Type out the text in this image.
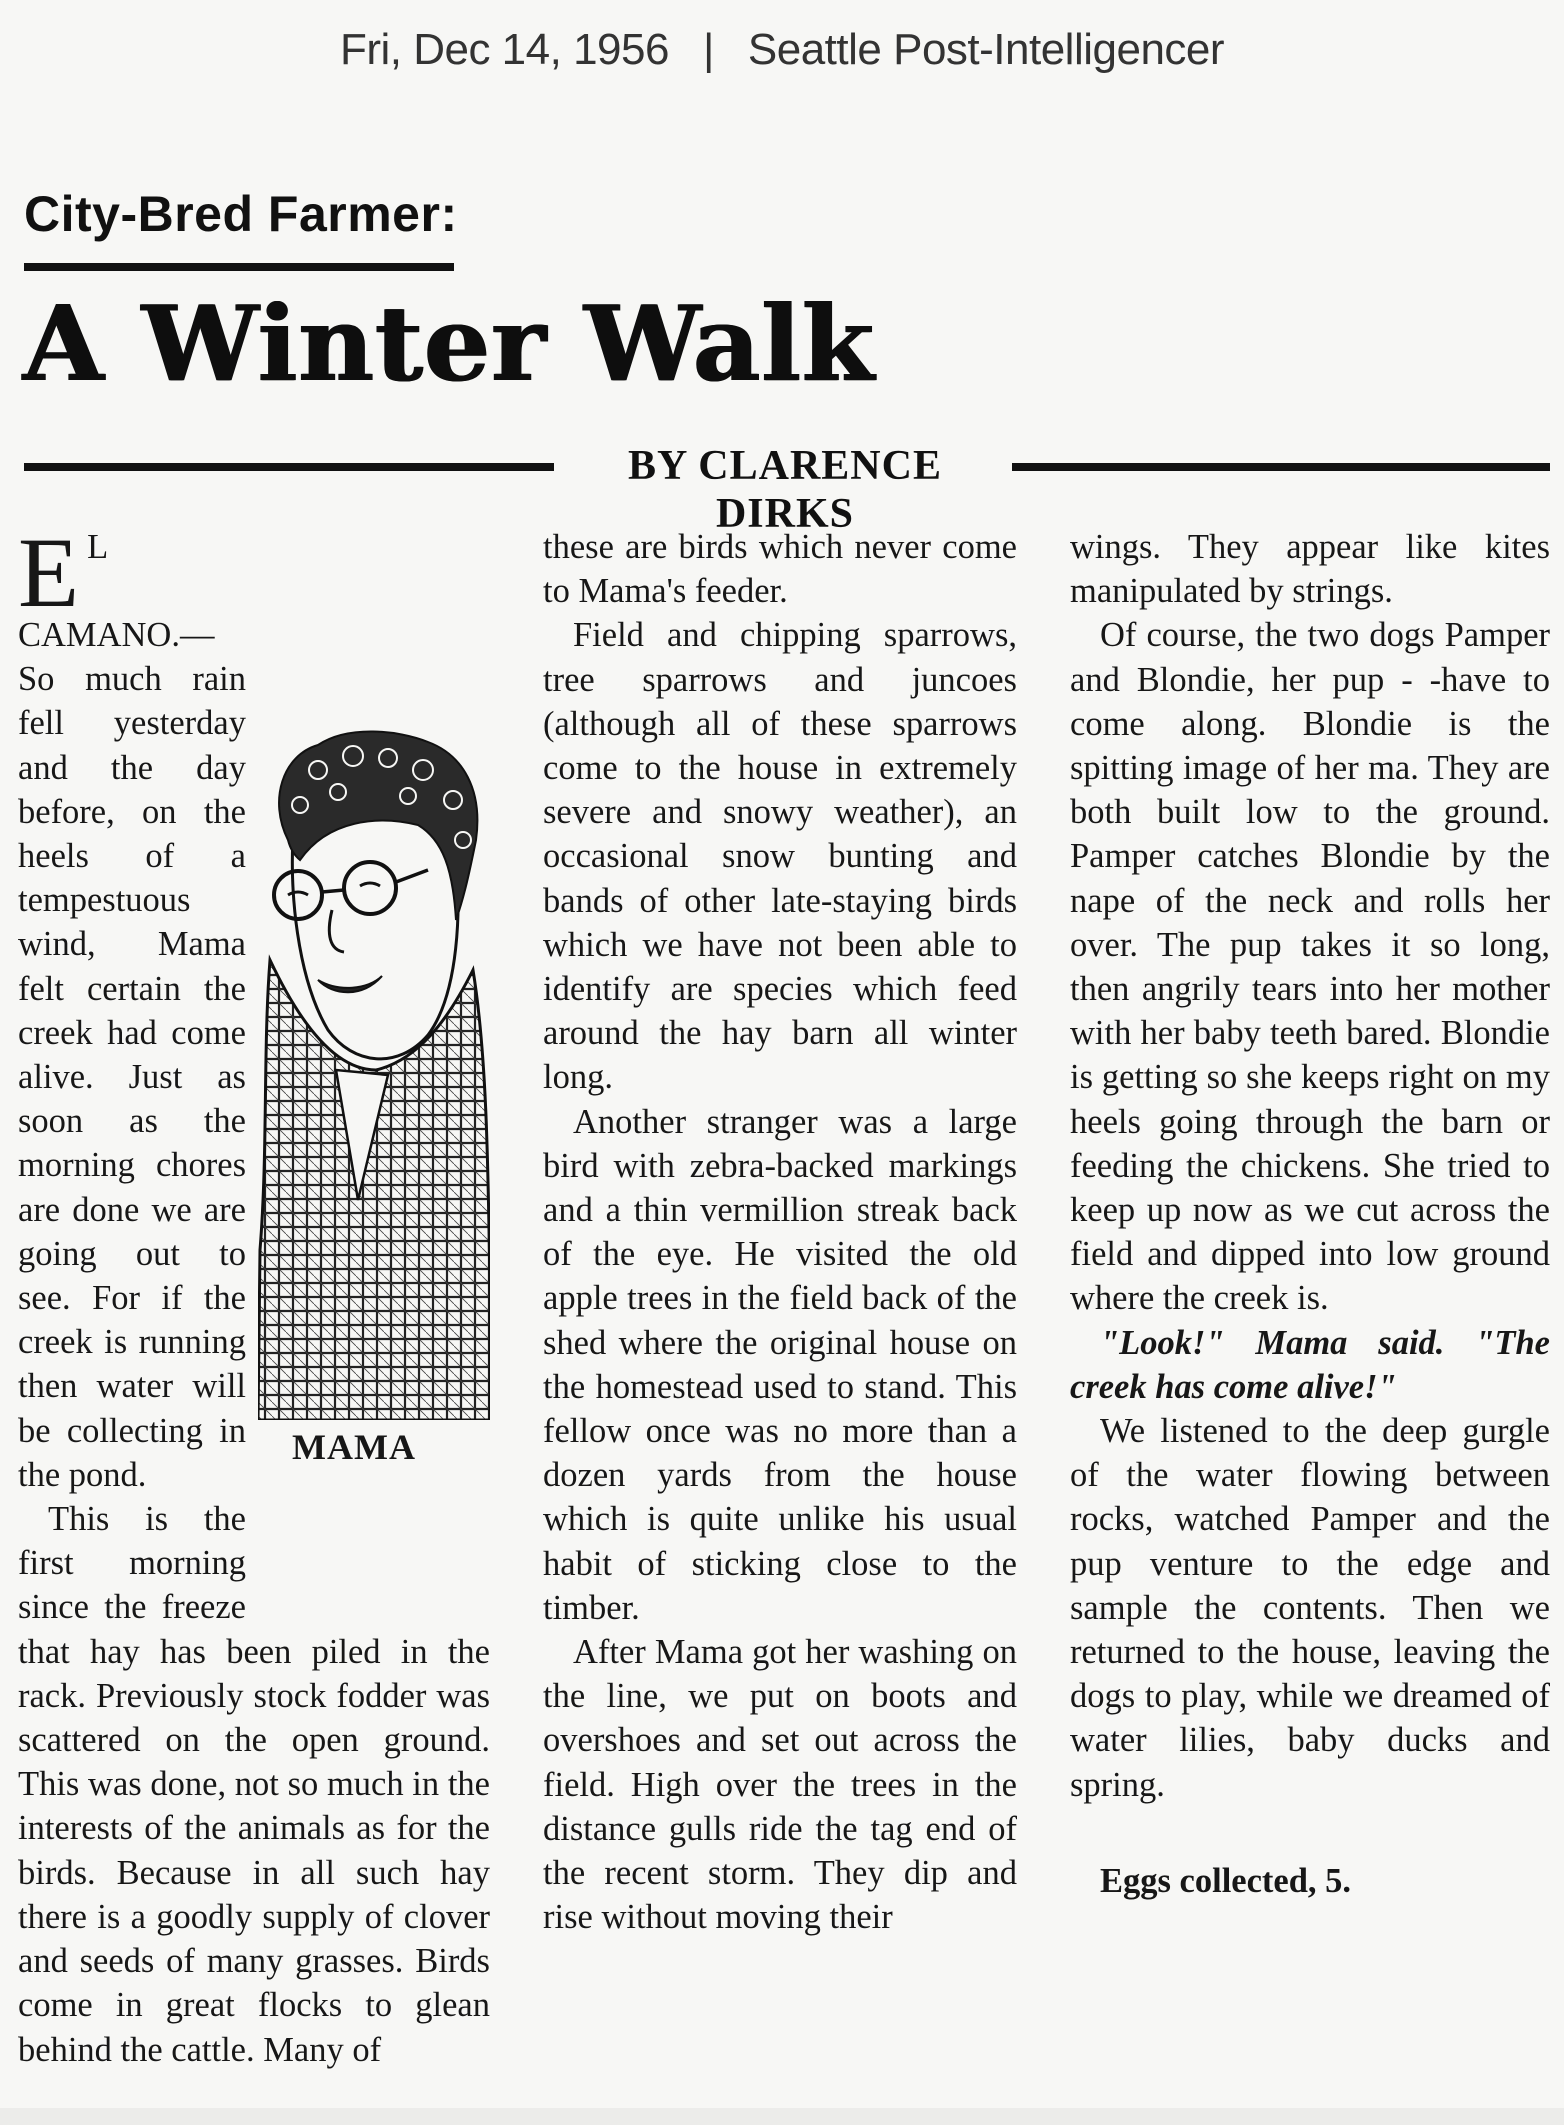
Fri, Dec 14, 1956 | Seattle Post-Intelligencer
City-Bred Farmer:
A Winter Walk
BY CLARENCE DIRKS
MAMA

E L CAMANO.—So much rain fell yesterday and the day before, on the heels of a tempestuous wind, Mama felt certain the creek had come alive. Just as soon as the morning chores are done we are going out to see. For if the creek is running then water will be collecting in the pond.

This is the first morning since the freeze that hay has been piled in the rack. Previously stock fodder was scattered on the open ground. This was done, not so much in the interests of the animals as for the birds. Because in all such hay there is a goodly supply of clover and seeds of many grasses. Birds come in great flocks to glean behind the cattle. Many of

these are birds which never come to Mama's feeder.

Field and chipping sparrows, tree sparrows and juncoes (although all of these sparrows come to the house in extremely severe and snowy weather), an occasional snow bunting and bands of other late-staying birds which we have not been able to identify are species which feed around the hay barn all winter long.

Another stranger was a large bird with zebra-backed markings and a thin vermillion streak back of the eye. He visited the old apple trees in the field back of the shed where the original house on the homestead used to stand. This fellow once was no more than a dozen yards from the house which is quite unlike his usual habit of sticking close to the timber.

After Mama got her washing on the line, we put on boots and overshoes and set out across the field. High over the trees in the distance gulls ride the tag end of the recent storm. They dip and rise without moving their

wings. They appear like kites manipulated by strings.

Of course, the two dogs Pamper and Blondie, her pup - -have to come along. Blondie is the spitting image of her ma. They are both built low to the ground. Pamper catches Blondie by the nape of the neck and rolls her over. The pup takes it so long, then angrily tears into her mother with her baby teeth bared. Blondie is getting so she keeps right on my heels going through the barn or feeding the chickens. She tried to keep up now as we cut across the field and dipped into low ground where the creek is.

"Look!" Mama said. "The creek has come alive!"

We listened to the deep gurgle of the water flowing between rocks, watched Pamper and the pup venture to the edge and sample the contents. Then we returned to the house, leaving the dogs to play, while we dreamed of water lilies, baby ducks and spring.

Eggs collected, 5.
